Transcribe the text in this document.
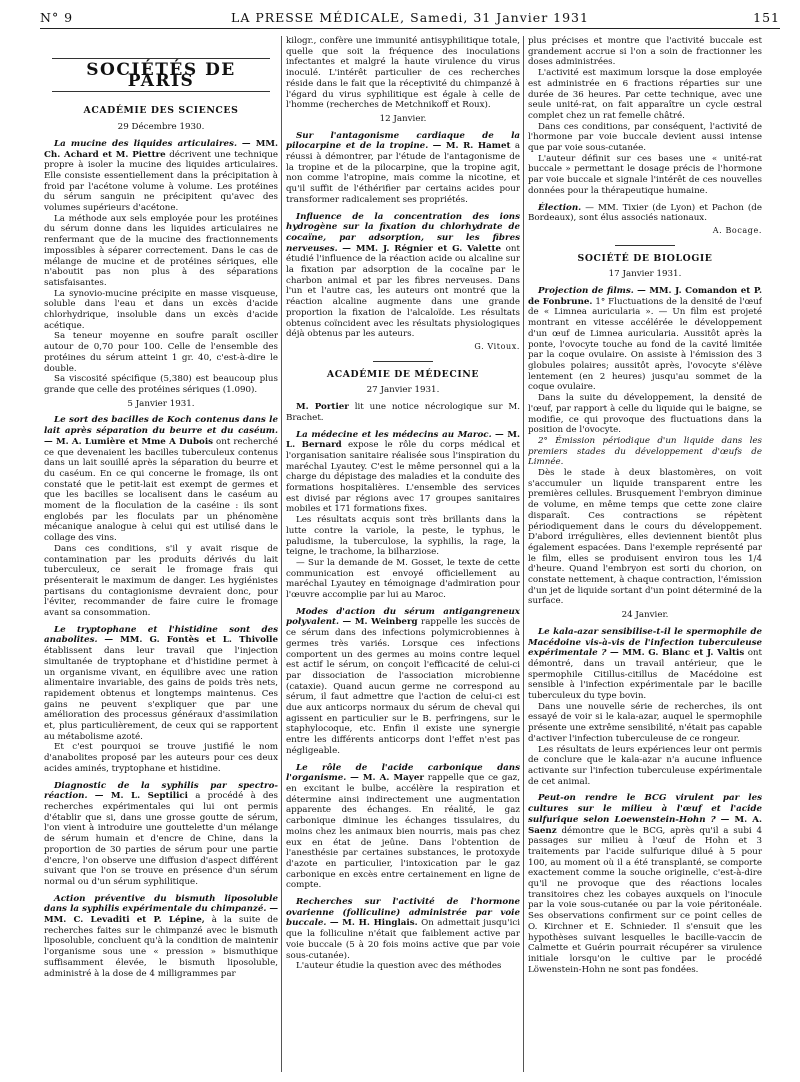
N° 9	LA PRESSE MÉDICALE, Samedi, 31 Janvier 1931	151
SOCIÉTÉS DE PARIS
ACADÉMIE DES SCIENCES
29 Décembre 1930.

La mucine des liquides articulaires. — MM. Ch. Achard et M. Piettre décrivent une technique propre à isoler la mucine des liquides articulaires. Elle consiste essentiellement dans la précipitation à froid par l'acétone volume à volume. Les protéines du sérum sanguin ne précipitent qu'avec des volumes supérieurs d'acétone.

La méthode aux sels employée pour les protéines du sérum donne dans les liquides articulaires ne renfermant que de la mucine des fractionnements impossibles à séparer correctement. Dans le cas de mélange de mucine et de protéines sériques, elle n'aboutit pas non plus à des séparations satisfaisantes.

La synovio-mucine précipite en masse visqueuse, soluble dans l'eau et dans un excès d'acide chlorhydrique, insoluble dans un excès d'acide acétique.

Sa teneur moyenne en soufre paraît osciller autour de 0,70 pour 100. Celle de l'ensemble des protéines du sérum atteint 1 gr. 40, c'est-à-dire le double.

Sa viscosité spécifique (5,380) est beaucoup plus grande que celle des protéines sériques (1.090).

5 Janvier 1931.

Le sort des bacilles de Koch contenus dans le lait après séparation du beurre et du caséum. — M. A. Lumière et Mme A Dubois ont recherché ce que devenaient les bacilles tuberculeux contenus dans un lait souillé après la séparation du beurre et du caséum. En ce qui concerne le fromage, ils ont constaté que le petit-lait est exempt de germes et que les bacilles se localisent dans le caséum au moment de la floculation de la caséine : ils sont englobés par les floculats par un phénomène mécanique analogue à celui qui est utilisé dans le collage des vins.

Dans ces conditions, s'il y avait risque de contamination par les produits dérivés du lait tuberculeux, ce serait le fromage frais qui présenterait le maximum de danger. Les hygiénistes partisans du contagionisme devraient donc, pour l'éviter, recommander de faire cuire le fromage avant sa consommation.

Le tryptophane et l'histidine sont des anabolites. — MM. G. Fontès et L. Thivolle établissent dans leur travail que l'injection simultanée de tryptophane et d'histidine permet à un organisme vivant, en équilibre avec une ration alimentaire invariable, des gains de poids très nets, rapidement obtenus et longtemps maintenus. Ces gains ne peuvent s'expliquer que par une amélioration des processus généraux d'assimilation et, plus particulièrement, de ceux qui se rapportent au métabolisme azoté.

Et c'est pourquoi se trouve justifié le nom d'anabolites proposé par les auteurs pour ces deux acides aminés, tryptophane et histidine.

Diagnostic de la syphilis par spectro-réaction. — M. L. Septilici a procédé à des recherches expérimentales qui lui ont permis d'établir que si, dans une grosse goutte de sérum, l'on vient à introduire une gouttelette d'un mélange de sérum humain et d'encre de Chine, dans la proportion de 30 parties de sérum pour une partie d'encre, l'on observe une diffusion d'aspect différent suivant que l'on se trouve en présence d'un sérum normal ou d'un sérum syphilitique.

Action préventive du bismuth liposoluble dans la syphilis expérimentale du chimpanzé. — MM. C. Levaditi et P. Lépine, à la suite de recherches faites sur le chimpanzé avec le bismuth liposoluble, concluent qu'à la condition de maintenir l'organisme sous une « pression » bismuthique suffisamment élevée, le bismuth liposoluble, administré à la dose de 4 milligrammes par

kilogr., confère une immunité antisyphilitique totale, quelle que soit la fréquence des inoculations infectantes et malgré la haute virulence du virus inoculé. L'intérêt particulier de ces recherches réside dans le fait que la réceptivité du chimpanzé à l'égard du virus syphilitique est égale à celle de l'homme (recherches de Metchnikoff et Roux).

12 Janvier.

Sur l'antagonisme cardiaque de la pilocarpine et de la tropine. — M. R. Hamet a réussi à démontrer, par l'étude de l'antagonisme de la tropine et de la pilocarpine, que la tropine agit, non comme l'atropine, mais comme la nicotine, et qu'il suffit de l'éthérifier par certains acides pour transformer radicalement ses propriétés.

Influence de la concentration des ions hydrogène sur la fixation du chlorhydrate de cocaïne, par adsorption, sur les fibres nerveuses. — MM. J. Régnier et G. Valette ont étudié l'influence de la réaction acide ou alcaline sur la fixation par adsorption de la cocaïne par le charbon animal et par les fibres nerveuses. Dans l'un et l'autre cas, les auteurs ont montré que la réaction alcaline augmente dans une grande proportion la fixation de l'alcaloïde. Les résultats obtenus coïncident avec les résultats physiologiques déjà obtenus par les auteurs.

G. Vitoux.
ACADÉMIE DE MÉDECINE
27 Janvier 1931.

M. Portier lit une notice nécrologique sur M. Brachet.

La médecine et les médecins au Maroc. — M. L. Bernard expose le rôle du corps médical et l'organisation sanitaire réalisée sous l'inspiration du maréchal Lyautey. C'est le même personnel qui a la charge du dépistage des maladies et la conduite des formations hospitalières. L'ensemble des services est divisé par régions avec 17 groupes sanitaires mobiles et 171 formations fixes.

Les résultats acquis sont très brillants dans la lutte contre la variole, la peste, le typhus, le paludisme, la tuberculose, la syphilis, la rage, la teigne, le trachome, la bilharziose.

— Sur la demande de M. Gosset, le texte de cette communication est envoyé officiellement au maréchal Lyautey en témoignage d'admiration pour l'œuvre accomplie par lui au Maroc.

Modes d'action du sérum antigangreneux polyvalent. — M. Weinberg rappelle les succès de ce sérum dans des infections polymicrobiennes à germes très variés. Lorsque ces infections comportent un des germes au moins contre lequel est actif le sérum, on conçoit l'efficacité de celui-ci par dissociation de l'association microbienne (cataxie). Quand aucun germe ne correspond au sérum, il faut admettre que l'action de celui-ci est due aux anticorps normaux du sérum de cheval qui agissent en particulier sur le B. perfringens, sur le staphylocoque, etc. Enfin il existe une synergie entre les différents anticorps dont l'effet n'est pas négligeable.

Le rôle de l'acide carbonique dans l'organisme. — M. A. Mayer rappelle que ce gaz, en excitant le bulbe, accélère la respiration et détermine ainsi indirectement une augmentation apparente des échanges. En réalité, le gaz carbonique diminue les échanges tissulaires, du moins chez les animaux bien nourris, mais pas chez eux en état de jeûne. Dans l'obtention de l'anesthésie par certaines substances, le protoxyde d'azote en particulier, l'intoxication par le gaz carbonique en excès entre certainement en ligne de compte.

Recherches sur l'activité de l'hormone ovarienne (folliculine) administrée par voie buccale. — M. H. Hinglais. On admettait jusqu'ici que la folliculine n'était que faiblement active par voie buccale (5 à 20 fois moins active que par voie sous-cutanée).

L'auteur étudie la question avec des méthodes

plus précises et montre que l'activité buccale est grandement accrue si l'on a soin de fractionner les doses administrées.

L'activité est maximum lorsque la dose employée est administrée en 6 fractions réparties sur une durée de 36 heures. Par cette technique, avec une seule unité-rat, on fait apparaître un cycle œstral complet chez un rat femelle châtré.

Dans ces conditions, par conséquent, l'activité de l'hormone par voie buccale devient aussi intense que par voie sous-cutanée.

L'auteur définit sur ces bases une « unité-rat buccale » permettant le dosage précis de l'hormone par voie buccale et signale l'intérêt de ces nouvelles données pour la thérapeutique humaine.

Élection. — MM. Tixier (de Lyon) et Pachon (de Bordeaux), sont élus associés nationaux.

A. Bocage.
SOCIÉTÉ DE BIOLOGIE
17 Janvier 1931.

Projection de films. — MM. J. Comandon et P. de Fonbrune. 1° Fluctuations de la densité de l'œuf de « Limnea auricularia ». — Un film est projeté montrant en vitesse accélérée le développement d'un œuf de Limnea auricularia. Aussitôt après la ponte, l'ovocyte touche au fond de la cavité limitée par la coque ovulaire. On assiste à l'émission des 3 globules polaires; aussitôt après, l'ovocyte s'élève lentement (en 2 heures) jusqu'au sommet de la coque ovulaire.

Dans la suite du développement, la densité de l'œuf, par rapport à celle du liquide qui le baigne, se modifie, ce qui provoque des fluctuations dans la position de l'ovocyte.

2° Émission périodique d'un liquide dans les premiers stades du développement d'œufs de Limnée.

Dès le stade à deux blastomères, on voit s'accumuler un liquide transparent entre les premières cellules. Brusquement l'embryon diminue de volume, en même temps que cette zone claire disparaît. Ces contractions se répètent périodiquement dans le cours du développement. D'abord irrégulières, elles deviennent bientôt plus également espacées. Dans l'exemple représenté par le film, elles se produisent environ tous les 1/4 d'heure. Quand l'embryon est sorti du chorion, on constate nettement, à chaque contraction, l'émission d'un jet de liquide sortant d'un point déterminé de la surface.

24 Janvier.

Le kala-azar sensibilise-t-il le spermophile de Macédoine vis-à-vis de l'infection tuberculeuse expérimentale ? — MM. G. Blanc et J. Valtis ont démontré, dans un travail antérieur, que le spermophile Citillus-citillus de Macédoine est sensible à l'infection expérimentale par le bacille tuberculeux du type bovin.

Dans une nouvelle série de recherches, ils ont essayé de voir si le kala-azar, auquel le spermophile présente une extrême sensibilité, n'était pas capable d'activer l'infection tuberculeuse de ce rongeur.

Les résultats de leurs expériences leur ont permis de conclure que le kala-azar n'a aucune influence activante sur l'infection tuberculeuse expérimentale de cet animal.

Peut-on rendre le BCG virulent par les cultures sur le milieu à l'œuf et l'acide sulfurique selon Loewenstein-Hohn ? — M. A. Saenz démontre que le BCG, après qu'il a subi 4 passages sur milieu à l'œuf de Hohn et 3 traitements par l'acide sulfurique dilué à 5 pour 100, au moment où il a été transplanté, se comporte exactement comme la souche originelle, c'est-à-dire qu'il ne provoque que des réactions locales transitoires chez les cobayes auxquels on l'inocule par la voie sous-cutanée ou par la voie péritonéale. Ses observations confirment sur ce point celles de O. Kirchner et E. Schnieder. Il s'ensuit que les hypothèses suivant lesquelles le bacille-vaccin de Calmette et Guérin pourrait récupérer sa virulence initiale lorsqu'on le cultive par le procédé Löwenstein-Hohn ne sont pas fondées.
